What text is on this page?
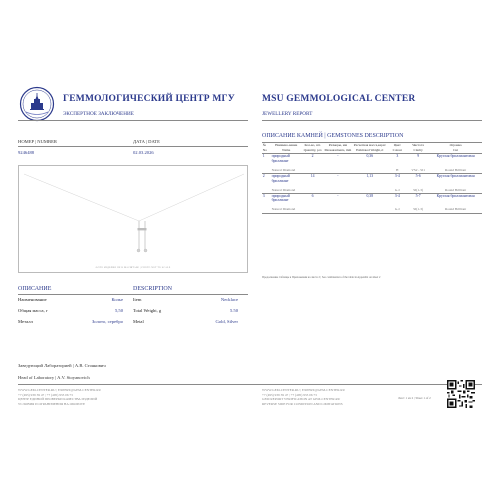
ГЕММОЛОГИЧЕСКИЙ ЦЕНТР МГУ
ЭКСПЕРТНОЕ ЗАКЛЮЧЕНИЕ
MSU GEMMOLOGICAL CENTER
JEWELLERY REPORT
НОМЕР | NUMBER
9246488
ДАТА | DATE
02.03.2026
ФОТО ИЗДЕЛИЯ НЕ В МАСШТАБЕ | PHOTO NOT TO SCALE
ОПИСАНИЕ	DESCRIPTION
Наименование	Колье
Общая масса, г	5,50
Металл	Золото, серебро
Item	Necklace
Total Weight, g	5.50
Metal	Gold, Silver
ОПИСАНИЕ КАМНЕЙ | GEMSTONES DESCRIPTION
№	Наимено-вание	Кол-во, шт.	Размеры, мм	Расчетная масса,карат	Цвет	Чистота	Огранка
No	Name	Quantity, pcs	Measurements, mm	Estimated Weight,ct	Colour	Clarity	Cut

1	природный бриллиант	2	-	0,36	3	9	Круглая бриллиантовая
	Natural Diamond				H	VS2 - SI1	Round Brilliant

2	природный бриллиант	14	-	1,13	3-4	5-6	Круглая бриллиантовая
	Natural Diamond				G-I	SI(1-3)	Round Brilliant

3	природный бриллиант	6	-	0,38	3-4	5-7	Круглая бриллиантовая
	Natural Diamond				G-I	SI(1-3)	Round Brilliant

Продолжение таблицы в Приложении на листе 2 | See continuation of the table in Appendix on sheet 2
Заведующий Лабораторией | А.В. Стоянович
Head of Laboratory | A.V. Stoyanovich
WWW.GEM-CENTER.RU | EXPERT@GEM-CENTER.RU
+7 (495) 939 39 47 | +7 (495) 933 06 73
ЦЕНТР ЕДИНОЙ ПРОВЕРКИ КАЧЕСТВА ИЗДЕЛИЙ
УСЛОВИЯ И ОГРАНИЧЕНИЯ НА ОБОРОТЕ
WWW.GEM-CENTER.RU | EXPERT@GEM-CENTER.RU
+7 (495) 939 39 47 | +7 (495) 933 06 73
GEM REPORT VERIFICATION AT GEM-CENTER.RU
REVERSE SIDE FOR CONDITION AND LIMITATIONS
Лист 1 из 2 | Sheet 1 of 2
